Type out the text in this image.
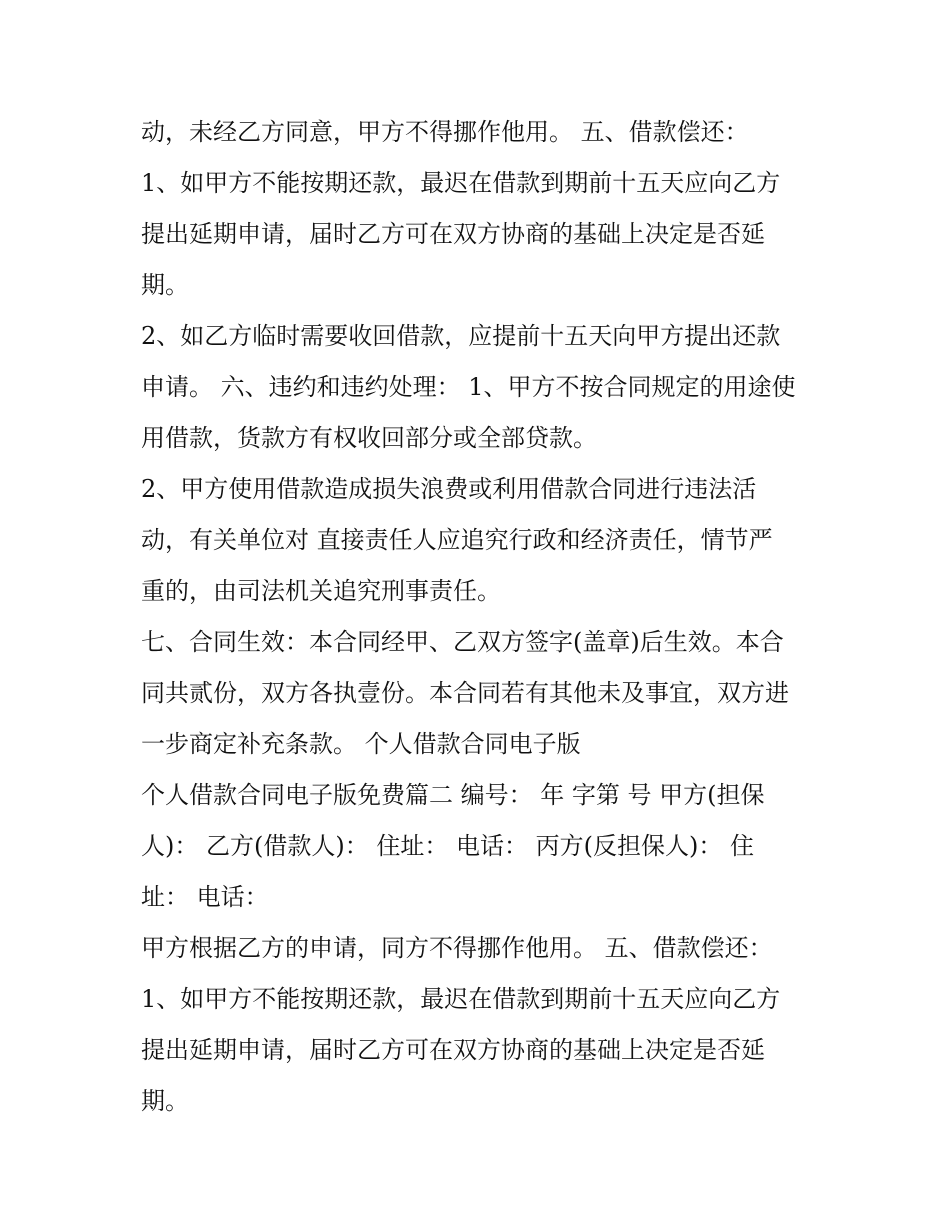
动，未经乙方同意，甲方不得挪作他用。 五、借款偿还：
1、如甲方不能按期还款，最迟在借款到期前十五天应向乙方
提出延期申请，届时乙方可在双方协商的基础上决定是否延
期。
2、如乙方临时需要收回借款，应提前十五天向甲方提出还款
申请。 六、违约和违约处理： 1、甲方不按合同规定的用途使
用借款，货款方有权收回部分或全部贷款。
2、甲方使用借款造成损失浪费或利用借款合同进行违法活
动，有关单位对 直接责任人应追究行政和经济责任，情节严
重的，由司法机关追究刑事责任。
七、合同生效：本合同经甲、乙双方签字(盖章)后生效。本合
同共贰份，双方各执壹份。本合同若有其他未及事宜，双方进
一步商定补充条款。 个人借款合同电子版
个人借款合同电子版免费篇二 编号： 年 字第 号 甲方(担保
人)： 乙方(借款人)： 住址： 电话： 丙方(反担保人)： 住
址： 电话：
甲方根据乙方的申请，同方不得挪作他用。 五、借款偿还：
1、如甲方不能按期还款，最迟在借款到期前十五天应向乙方
提出延期申请，届时乙方可在双方协商的基础上决定是否延
期。
